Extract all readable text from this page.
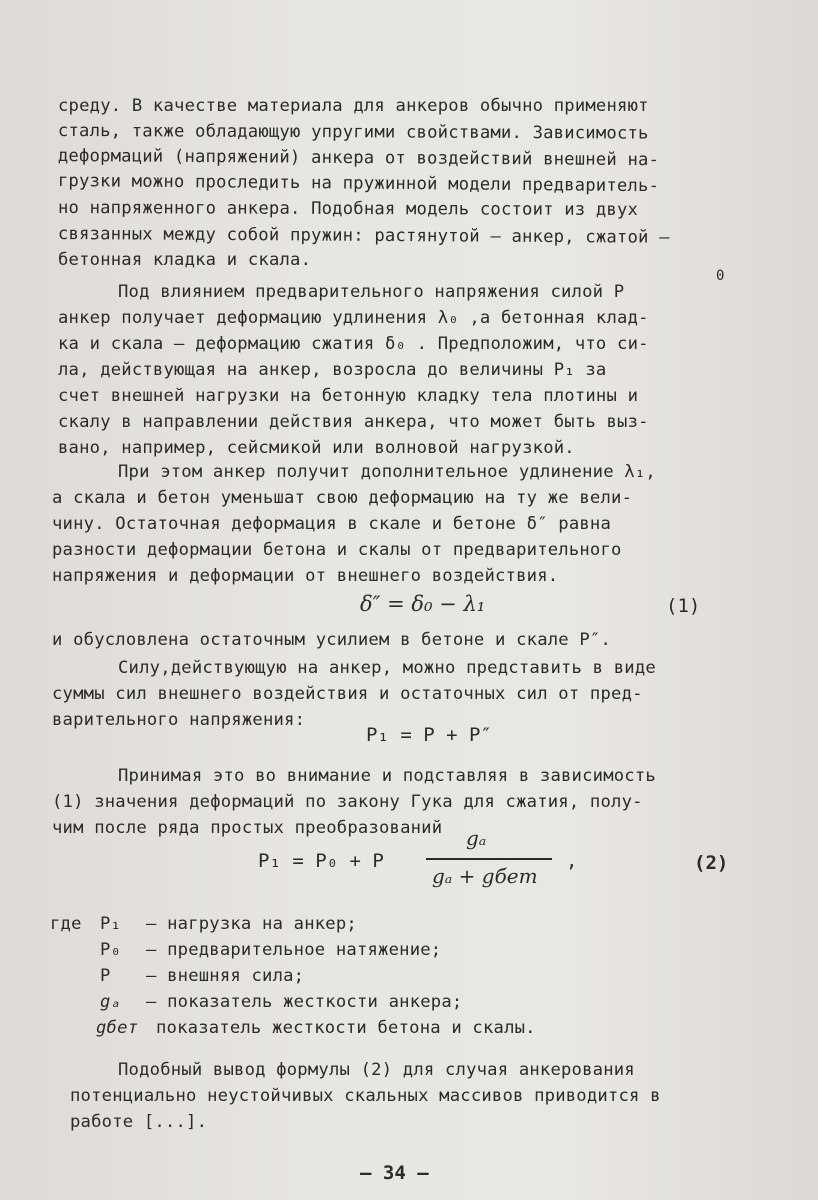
среду. В качестве материала для анкеров обычно применяют
сталь, также обладающую упругими свойствами. Зависимость
деформаций (напряжений) анкера от воздействий внешней на-
грузки можно проследить на пружинной модели предваритель-
но напряженного анкера. Подобная модель состоит из двух
связанных между собой пружин: растянутой – анкер, сжатой –
бетонная кладка и скала.
Под влиянием предварительного напряжения силой P
0
анкер получает деформацию удлинения λ₀ ,а бетонная клад-
ка и скала – деформацию сжатия δ₀ . Предположим, что си-
ла, действующая на анкер, возросла до величины P₁ за
счет внешней нагрузки на бетонную кладку тела плотины и
скалу в направлении действия анкера, что может быть выз-
вано, например, сейсмикой или волновой нагрузкой.
При этом анкер получит дополнительное удлинение λ₁,
а скала и бетон уменьшат свою деформацию на ту же вели-
чину. Остаточная деформация в скале и бетоне δ″ равна
разности деформации бетона и скалы от предварительного
напряжения и деформации от внешнего воздействия.
δ″ = δ₀ − λ₁	(1)
и обусловлена остаточным усилием в бетоне и скале P″.
Силу,действующую на анкер, можно представить в виде
суммы сил внешнего воздействия и остаточных сил от пред-
варительного напряжения:
P₁ = P + P″
Принимая это во внимание и подставляя в зависимость
(1) значения деформаций по закону Гука для сжатия, полу-
чим после ряда простых преобразований
P₁ = P₀ + P
gₐ
gₐ + gбет
,	(2)
где P₁ – нагрузка на анкер;
P₀ – предварительное натяжение;
P – внешняя сила;
gₐ – показатель жесткости анкера;
gбет показатель жесткости бетона и скалы.
Подобный вывод формулы (2) для случая анкерования
потенциально неустойчивых скальных массивов приводится в
работе [...].
– 34 –
